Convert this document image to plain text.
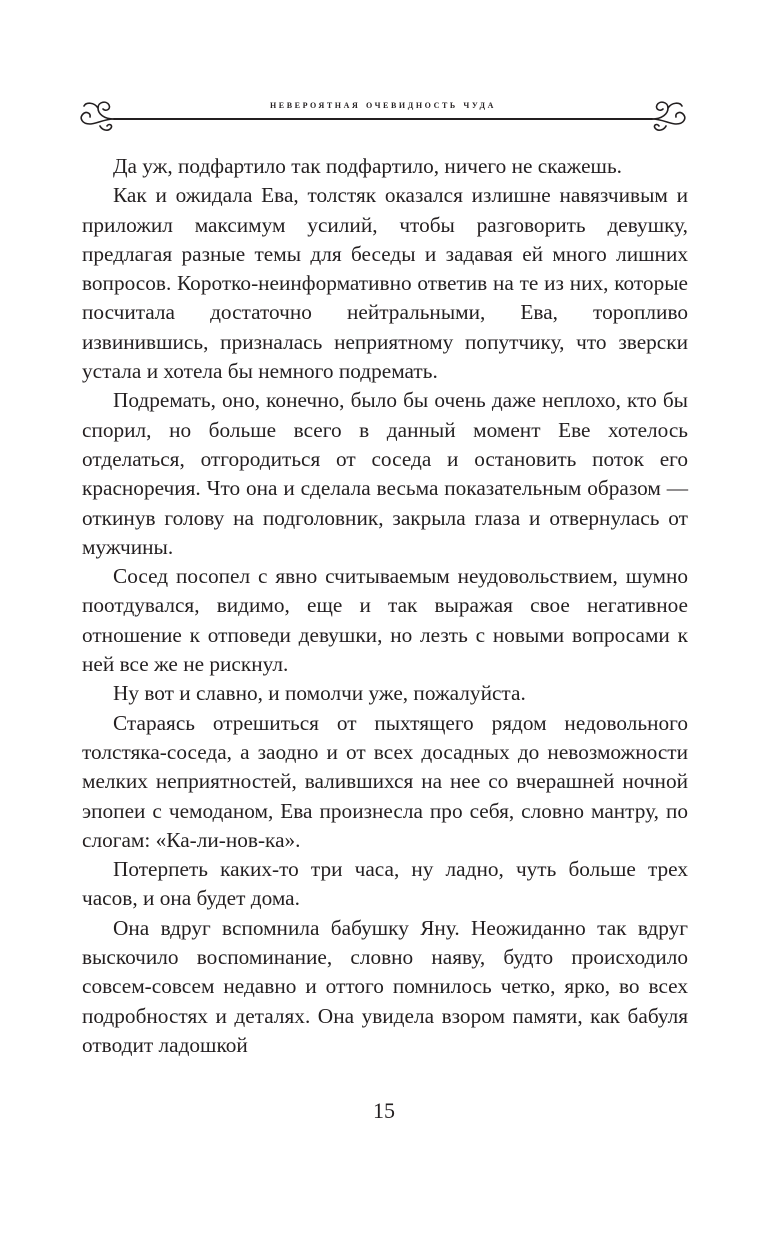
невероятная очевидность чуда

Да уж, подфартило так подфартило, ничего не скажешь.

Как и ожидала Ева, толстяк оказался излишне навязчивым и приложил максимум усилий, чтобы разговорить девушку, предлагая разные темы для беседы и задавая ей много лишних вопросов. Коротко-неинформативно ответив на те из них, которые посчитала достаточно нейтральными, Ева, торопливо извинившись, призналась неприятному попутчику, что зверски устала и хотела бы немного подремать.

Подремать, оно, конечно, было бы очень даже неплохо, кто бы спорил, но больше всего в данный момент Еве хотелось отделаться, отгородиться от соседа и остановить поток его красноречия. Что она и сделала весьма показательным образом — откинув голову на подголовник, закрыла глаза и отвернулась от мужчины.

Сосед посопел с явно считываемым неудовольствием, шумно поотдувался, видимо, еще и так выражая свое негативное отношение к отповеди девушки, но лезть с новыми вопросами к ней все же не рискнул.

Ну вот и славно, и помолчи уже, пожалуйста.

Стараясь отрешиться от пыхтящего рядом недовольного толстяка-соседа, а заодно и от всех досадных до невозможности мелких неприятностей, валившихся на нее со вчерашней ночной эпопеи с чемоданом, Ева произнесла про себя, словно мантру, по слогам: «Ка-ли-нов-ка».

Потерпеть каких-то три часа, ну ладно, чуть больше трех часов, и она будет дома.

Она вдруг вспомнила бабушку Яну. Неожиданно так вдруг выскочило воспоминание, словно наяву, будто происходило совсем-совсем недавно и оттого помнилось четко, ярко, во всех подробностях и деталях. Она увидела взором памяти, как бабуля отводит ладошкой

15
